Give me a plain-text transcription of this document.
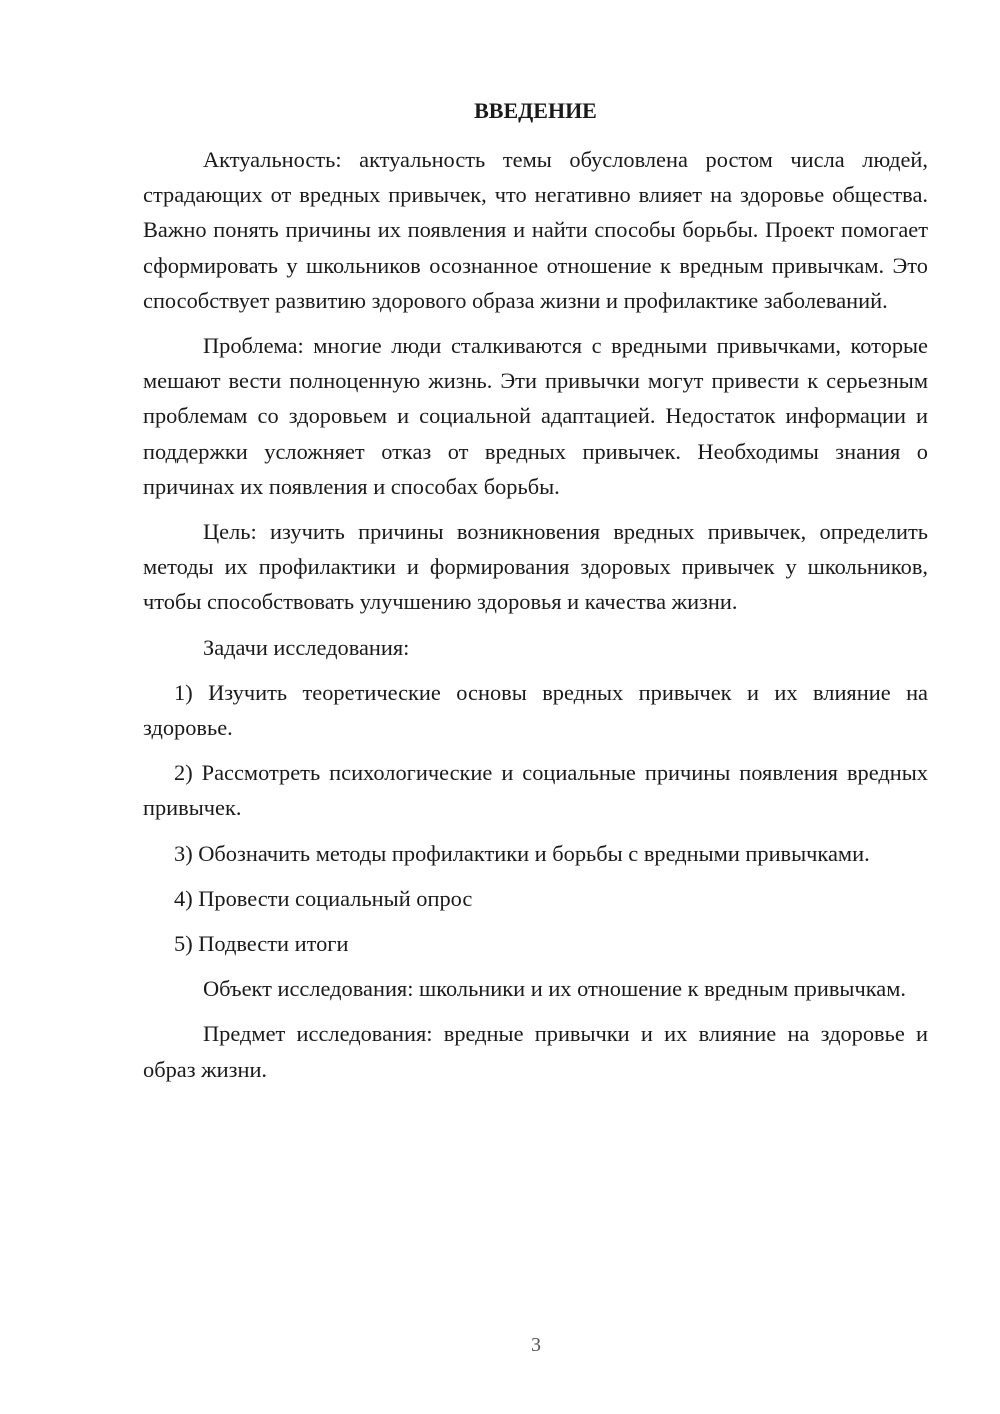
ВВЕДЕНИЕ

Актуальность: актуальность темы обусловлена ростом числа людей, страдающих от вредных привычек, что негативно влияет на здоровье общества. Важно понять причины их появления и найти способы борьбы. Проект помогает сформировать у школьников осознанное отношение к вредным привычкам. Это способствует развитию здорового образа жизни и профилактике заболеваний.

Проблема: многие люди сталкиваются с вредными привычками, которые мешают вести полноценную жизнь. Эти привычки могут привести к серьезным проблемам со здоровьем и социальной адаптацией. Недостаток информации и поддержки усложняет отказ от вредных привычек. Необходимы знания о причинах их появления и способах борьбы.

Цель: изучить причины возникновения вредных привычек, определить методы их профилактики и формирования здоровых привычек у школьников, чтобы способствовать улучшению здоровья и качества жизни.

Задачи исследования:

1) Изучить теоретические основы вредных привычек и их влияние на здоровье.

2) Рассмотреть психологические и социальные причины появления вредных привычек.

3) Обозначить методы профилактики и борьбы с вредными привычками.

4) Провести социальный опрос

5) Подвести итоги

Объект исследования: школьники и их отношение к вредным привычкам.

Предмет исследования: вредные привычки и их влияние на здоровье и образ жизни.

3
